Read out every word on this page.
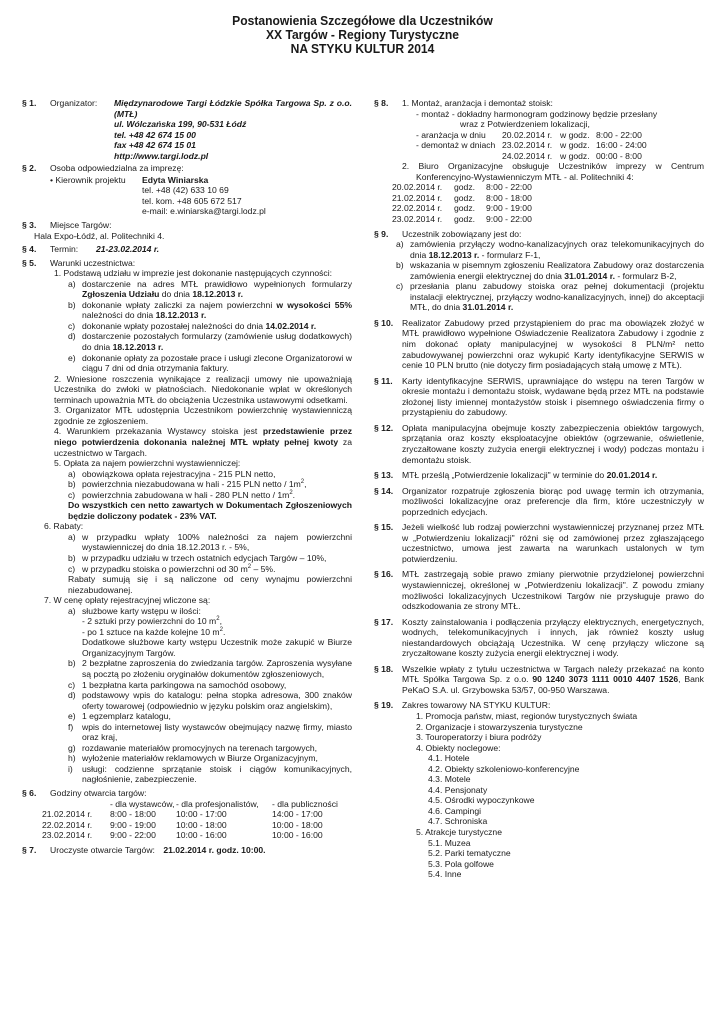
Postanowienia Szczegółowe dla Uczestników
XX Targów - Regiony Turystyczne
NA STYKU KULTUR 2014
§ 1.	Organizator:	Międzynarodowe Targi Łódzkie Spółka Targowa Sp. z o.o. (MTŁ)
ul. Wólczańska 199, 90-531 Łódź
tel. +48 42 674 15 00
fax +48 42 674 15 01
http://www.targi.lodz.pl
§ 2.	Osoba odpowiedzialna za imprezę:
• Kierownik projektu	Edyta Winiarska
tel. +48 (42) 633 10 69
tel. kom. +48 605 672 517
e-mail: e.winiarska@targi.lodz.pl
§ 3.	Miejsce Targów:
Hala Expo-Łódź, al. Politechniki 4.
§ 4.	Termin: 21-23.02.2014 r.
§ 5.	Warunki uczestnictwa:
1. Podstawą udziału w imprezie jest dokonanie następujących czynności:
a) dostarczenie na adres MTŁ prawidłowo wypełnionych formularzy Zgłoszenia Udziału do dnia 18.12.2013 r.
b) dokonanie wpłaty zaliczki za najem powierzchni w wysokości 55% należności do dnia 18.12.2013 r.
c) dokonanie wpłaty pozostałej należności do dnia 14.02.2014 r.
d) dostarczenie pozostałych formularzy (zamówienie usług dodatkowych) do dnia 18.12.2013 r.
e) dokonanie opłaty za pozostałe prace i usługi zlecone Organizatorowi w ciągu 7 dni od dnia otrzymania faktury.
2. Wniesione roszczenia wynikające z realizacji umowy nie upoważniają Uczestnika do zwłoki w płatnościach. Niedokonanie wpłat w określonych terminach upoważnia MTŁ do obciążenia Uczestnika ustawowymi odsetkami.
3. Organizator MTŁ udostępnia Uczestnikom powierzchnię wystawienniczą zgodnie ze zgłoszeniem.
4. Warunkiem przekazania Wystawcy stoiska jest przedstawienie przez niego potwierdzenia dokonania należnej MTŁ wpłaty pełnej kwoty za uczestnictwo w Targach.
5. Opłata za najem powierzchni wystawienniczej:
a) obowiązkowa opłata rejestracyjna - 215 PLN netto,
b) powierzchnia niezabudowana w hali - 215 PLN netto / $1m^2$,
c) powierzchnia zabudowana w hali - 280 PLN netto / $1m^2$.
Do wszystkich cen netto zawartych w Dokumentach Zgłoszeniowych będzie doliczony podatek - 23% VAT.
6. Rabaty:
a) w przypadku wpłaty 100% należności za najem powierzchni wystawienniczej do dnia 18.12.2013 r. - 5%,
b) w przypadku udziału w trzech ostatnich edycjach Targów – 10%,
c) w przypadku stoiska o powierzchni od 30 $m^2 - 5\%$.
Rabaty sumują się i są naliczone od ceny wynajmu powierzchni niezabudowanej.
7. W cenę opłaty rejestracyjnej wliczone są:
a) służbowe karty wstępu w ilości:
- 2 sztuki przy powierzchni do 10 $m^2$,
- po 1 sztuce na każde kolejne 10 $m^2$.
Dodatkowe służbowe karty wstępu Uczestnik może zakupić w Biurze Organizacyjnym Targów.
b) 2 bezpłatne zaproszenia do zwiedzania targów. Zaproszenia wysyłane są pocztą po złożeniu oryginałów dokumentów zgłoszeniowych,
c) 1 bezpłatna karta parkingowa na samochód osobowy,
d) podstawowy wpis do katalogu: pełna stopka adresowa, 300 znaków oferty towarowej (odpowiednio w języku polskim oraz angielskim),
e) 1 egzemplarz katalogu,
f) wpis do internetowej listy wystawców obejmujący nazwę firmy, miasto oraz kraj,
g) rozdawanie materiałów promocyjnych na terenach targowych,
h) wyłożenie materiałów reklamowych w Biurze Organizacyjnym,
i) usługi: codzienne sprzątanie stoisk i ciągów komunikacyjnych, nagłośnienie, zabezpieczenie.
§ 6.	Godziny otwarcia targów:
	- dla wystawców,	- dla profesjonalistów,	- dla publiczności
21.02.2014 r.	8:00 - 18:00	10:00 - 17:00	14:00 - 17:00
22.02.2014 r.	9:00 - 19:00	10:00 - 18:00	10:00 - 18:00
23.02.2014 r.	9:00 - 22:00	10:00 - 16:00	10:00 - 16:00
§ 7.	Uroczyste otwarcie Targów: 21.02.2014 r. godz. 10:00.
§ 8.	1. Montaż, aranżacja i demontaż stoisk:
- montaż - dokładny harmonogram godzinowy będzie przesłany
wraz z Potwierdzeniem lokalizacji,
- aranżacja w dniu	20.02.2014 r.	w godz.	8:00 - 22:00
- demontaż w dniach	23.02.2014 r.	w godz.	16:00 - 24:00
	24.02.2014 r.	w godz.	00:00 - 8:00
2. Biuro Organizacyjne obsługuje Uczestników imprezy w Centrum Konferencyjno-Wystawienniczym MTŁ - al. Politechniki 4:
20.02.2014 r.	godz.	8:00 - 22:00
21.02.2014 r.	godz.	8:00 - 18:00
22.02.2014 r.	godz.	9:00 - 19:00
23.02.2014 r.	godz.	9:00 - 22:00
§ 9.	Uczestnik zobowiązany jest do:
a) zamówienia przyłączy wodno-kanalizacyjnych oraz telekomunikacyjnych do dnia 18.12.2013 r. - formularz F-1,
b) wskazania w pisemnym zgłoszeniu Realizatora Zabudowy oraz dostarczenia zamówienia energii elektrycznej do dnia 31.01.2014 r. - formularz B-2,
c) przesłania planu zabudowy stoiska oraz pełnej dokumentacji (projektu instalacji elektrycznej, przyłączy wodno-kanalizacyjnych, innej) do akceptacji MTŁ, do dnia 31.01.2014 r.
§ 10.	Realizator Zabudowy przed przystąpieniem do prac ma obowiązek złożyć w MTŁ prawidłowo wypełnione Oświadczenie Realizatora Zabudowy i zgodnie z nim dokonać opłaty manipulacyjnej w wysokości 8 PLN/m² netto zabudowywanej powierzchni oraz wykupić Karty identyfikacyjne SERWIS w cenie 10 PLN brutto (nie dotyczy firm posiadających stałą umowę z MTŁ).
§ 11.	Karty identyfikacyjne SERWIS, uprawniające do wstępu na teren Targów w okresie montażu i demontażu stoisk, wydawane będą przez MTŁ na podstawie złożonej listy imiennej montażystów stoisk i pisemnego oświadczenia firmy o przystąpieniu do zabudowy.
§ 12.	Opłata manipulacyjna obejmuje koszty zabezpieczenia obiektów targowych, sprzątania oraz koszty eksploatacyjne obiektów (ogrzewanie, oświetlenie, zryczałtowane koszty zużycia energii elektrycznej i wody) podczas montażu i demontażu stoisk.
§ 13.	MTŁ prześlą „Potwierdzenie lokalizacji" w terminie do 20.01.2014 r.
§ 14.	Organizator rozpatruje zgłoszenia biorąc pod uwagę termin ich otrzymania, możliwości lokalizacyjne oraz preferencje dla firm, które uczestniczyły w poprzednich edycjach.
§ 15.	Jeżeli wielkość lub rodzaj powierzchni wystawienniczej przyznanej przez MTŁ w „Potwierdzeniu lokalizacji" różni się od zamówionej przez zgłaszającego uczestnictwo, umowa jest zawarta na warunkach ustalonych w tym potwierdzeniu.
§ 16.	MTŁ zastrzegają sobie prawo zmiany pierwotnie przydzielonej powierzchni wystawienniczej, określonej w „Potwierdzeniu lokalizacji". Z powodu zmiany możliwości lokalizacyjnych Uczestnikowi Targów nie przysługuje prawo do odszkodowania ze strony MTŁ.
§ 17.	Koszty zainstalowania i podłączenia przyłączy elektrycznych, energetycznych, wodnych, telekomunikacyjnych i innych, jak również koszty usług niestandardowych obciążają Uczestnika. W cenę przyłączy wliczone są zryczałtowane koszty zużycia energii elektrycznej i wody.
§ 18.	Wszelkie wpłaty z tytułu uczestnictwa w Targach należy przekazać na konto MTŁ Spółka Targowa Sp. z o.o. 90 1240 3073 1111 0010 4407 1526, Bank PeKaO S.A. ul. Grzybowska 53/57, 00-950 Warszawa.
§ 19.	Zakres towarowy NA STYKU KULTUR:
1. Promocja państw, miast, regionów turystycznych świata
2. Organizacje i stowarzyszenia turystyczne
3. Touroperatorzy i biura podróży
4. Obiekty noclegowe:
4.1. Hotele
4.2. Obiekty szkoleniowo-konferencyjne
4.3. Motele
4.4. Pensjonaty
4.5. Ośrodki wypoczynkowe
4.6. Campingi
4.7. Schroniska
5. Atrakcje turystyczne
5.1. Muzea
5.2. Parki tematyczne
5.3. Pola golfowe
5.4. Inne
